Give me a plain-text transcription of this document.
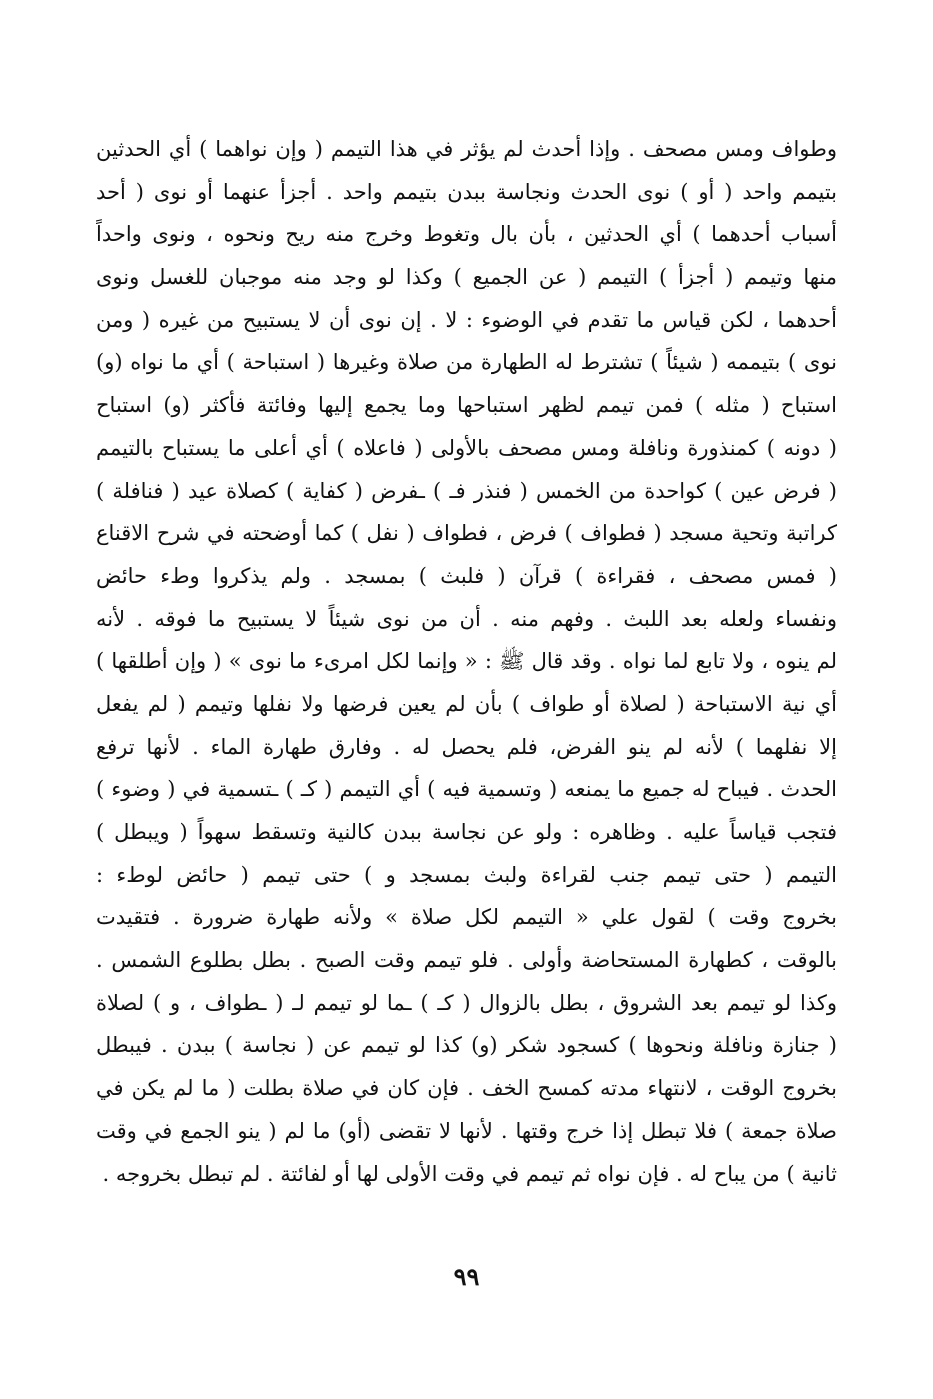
وطواف ومس مصحف . وإذا أحدث لم يؤثر في هذا التيمم ( وإن نواهما ) أي الحدثين
بتيمم واحد ( أو ) نوى الحدث ونجاسة ببدن بتيمم واحد . أجزأ عنهما أو نوى ( أحد
أسباب أحدهما ) أي الحدثين ، بأن بال وتغوط وخرج منه ريح ونحوه ، ونوى واحداً
منها وتيمم ( أجزأ ) التيمم ( عن الجميع ) وكذا لو وجد منه موجبان للغسل ونوى
أحدهما ، لكن قياس ما تقدم في الوضوء : لا . إن نوى أن لا يستبيح من غيره ( ومن
نوى ) بتيممه ( شيئاً ) تشترط له الطهارة من صلاة وغيرها ( استباحة ) أي ما نواه (و)
استباح ( مثله ) فمن تيمم لظهر استباحها وما يجمع إليها وفائتة فأكثر (و) استباح
( دونه ) كمنذورة ونافلة ومس مصحف بالأولى ( فاعلاه ) أي أعلى ما يستباح بالتيمم
( فرض عين ) كواحدة من الخمس ( فنذر فـ ) ـفرض ( كفاية ) كصلاة عيد ( فنافلة )
كراتبة وتحية مسجد ( فطواف ) فرض ، فطواف ( نفل ) كما أوضحته في شرح الاقناع
( فمس مصحف ، فقراءة ) قرآن ( فلبث ) بمسجد . ولم يذكروا وطء حائض
ونفساء ولعله بعد اللبث . وفهم منه . أن من نوى شيئاً لا يستبيح ما فوقه . لأنه
لم ينوه ، ولا تابع لما نواه . وقد قال ﷺ : « وإنما لكل امرىء ما نوى » ( وإن أطلقها )
أي نية الاستباحة ( لصلاة أو طواف ) بأن لم يعين فرضها ولا نفلها وتيمم ( لم يفعل
إلا نفلهما ) لأنه لم ينو الفرض، فلم يحصل له . وفارق طهارة الماء . لأنها ترفع
الحدث . فيباح له جميع ما يمنعه ( وتسمية فيه ) أي التيمم ( كـ ) ـتسمية في ( وضوء )
فتجب قياساً عليه . وظاهره : ولو عن نجاسة ببدن كالنية وتسقط سهواً ( ويبطل )
التيمم ( حتى تيمم جنب لقراءة ولبث بمسجد و ) حتى تيمم ( حائض لوطء :
بخروج وقت ) لقول علي « التيمم لكل صلاة » ولأنه طهارة ضرورة . فتقيدت
بالوقت ، كطهارة المستحاضة وأولى . فلو تيمم وقت الصبح . بطل بطلوع الشمس .
وكذا لو تيمم بعد الشروق ، بطل بالزوال ( كـ ) ـما لو تيمم لـ ( ـطواف ، و ) لصلاة
( جنازة ونافلة ونحوها ) كسجود شكر (و) كذا لو تيمم عن ( نجاسة ) ببدن . فيبطل
بخروج الوقت ، لانتهاء مدته كمسح الخف . فإن كان في صلاة بطلت ( ما لم يكن في
صلاة جمعة ) فلا تبطل إذا خرج وقتها . لأنها لا تقضى (أو) ما لم ( ينو الجمع في وقت
ثانية ) من يباح له . فإن نواه ثم تيمم في وقت الأولى لها أو لفائتة . لم تبطل بخروجه .
٩٩
